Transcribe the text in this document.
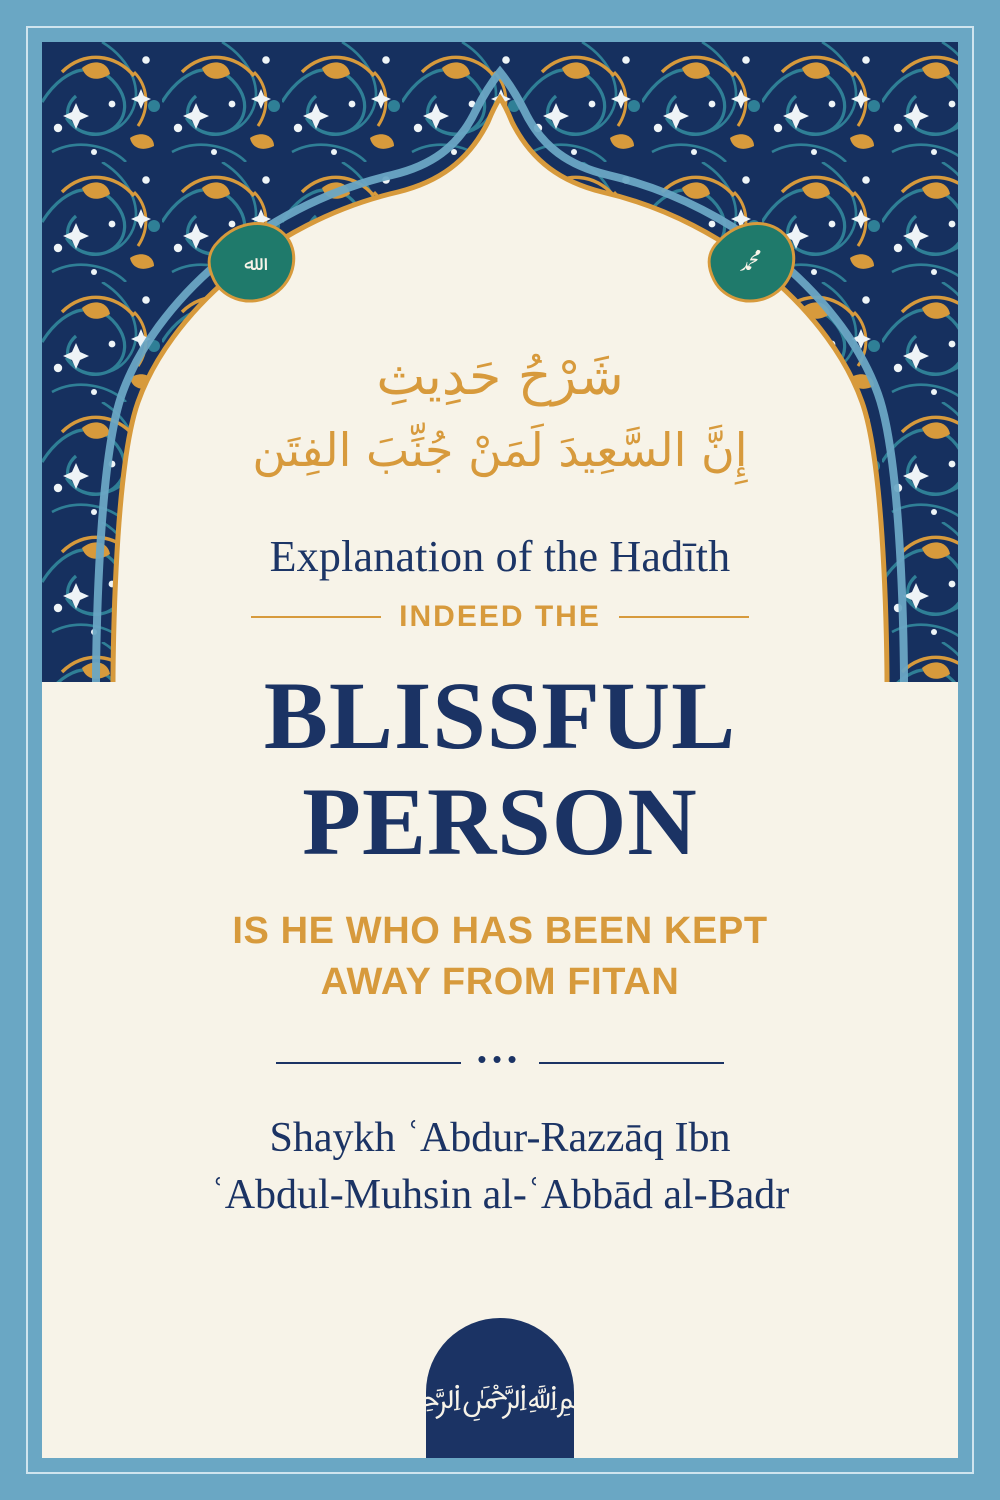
ﷲ	ﷴ

شَرْحُ حَدِيثِ

إِنَّ السَّعِيدَ لَمَنْ جُنِّبَ الفِتَن

Explanation of the Hadīth

INDEED THE
BLISSFUL
PERSON

IS HE WHO HAS BEEN KEPT
AWAY FROM FITAN

•••

Shaykh ʿAbdur-Razzāq Ibn
ʿAbdul-Muhsin al-ʿAbbād al-Badr

﷽
